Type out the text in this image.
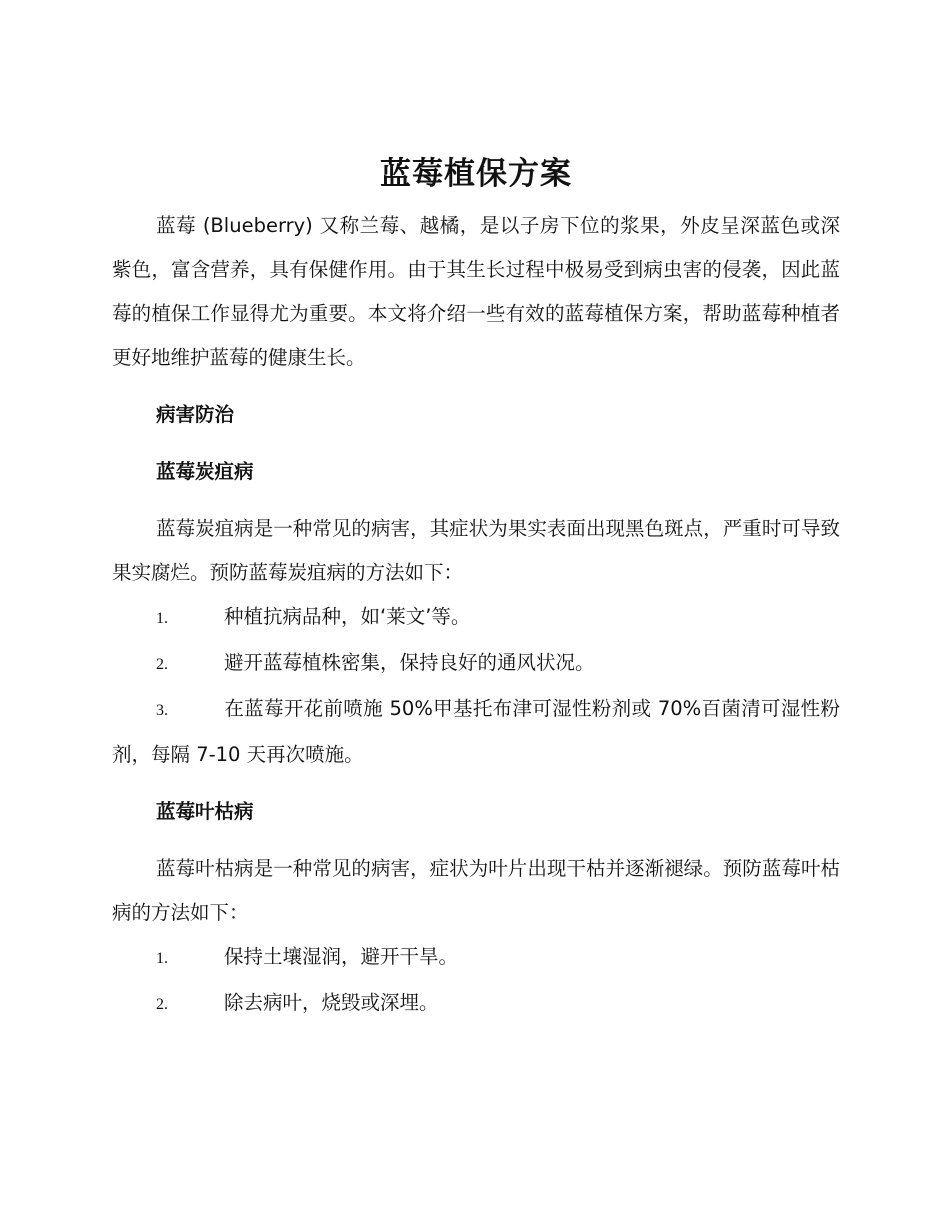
蓝莓植保方案

蓝莓 (Blueberry) 又称兰莓、越橘，是以子房下位的浆果，外皮呈深蓝色或深紫色，富含营养，具有保健作用。由于其生长过程中极易受到病虫害的侵袭，因此蓝莓的植保工作显得尤为重要。本文将介绍一些有效的蓝莓植保方案，帮助蓝莓种植者更好地维护蓝莓的健康生长。

病害防治

蓝莓炭疽病

蓝莓炭疽病是一种常见的病害，其症状为果实表面出现黑色斑点，严重时可导致果实腐烂。预防蓝莓炭疽病的方法如下：

1.	种植抗病品种，如‘莱文’等。

2.	避开蓝莓植株密集，保持良好的通风状况。

3.	在蓝莓开花前喷施 50%甲基托布津可湿性粉剂或 70%百菌清可湿性粉剂，每隔 7-10 天再次喷施。

蓝莓叶枯病

蓝莓叶枯病是一种常见的病害，症状为叶片出现干枯并逐渐褪绿。预防蓝莓叶枯病的方法如下：

1.	保持土壤湿润，避开干旱。

2.	除去病叶，烧毁或深埋。
